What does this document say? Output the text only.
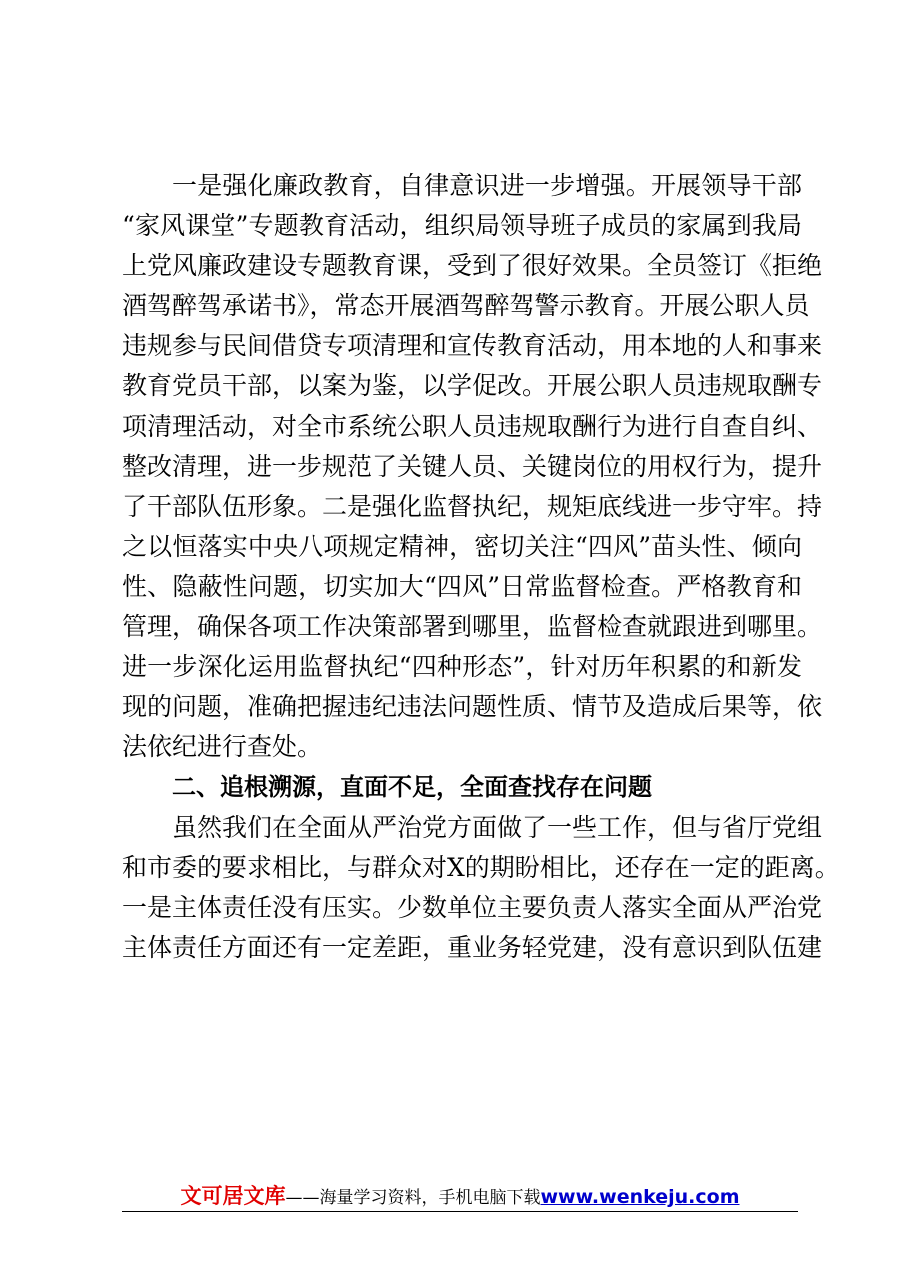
一是强化廉政教育，自律意识进一步增强。开展领导干部
“家风课堂”专题教育活动，组织局领导班子成员的家属到我局
上党风廉政建设专题教育课，受到了很好效果。全员签订《拒绝
酒驾醉驾承诺书》，常态开展酒驾醉驾警示教育。开展公职人员
违规参与民间借贷专项清理和宣传教育活动，用本地的人和事来
教育党员干部，以案为鉴，以学促改。开展公职人员违规取酬专
项清理活动，对全市系统公职人员违规取酬行为进行自查自纠、
整改清理，进一步规范了关键人员、关键岗位的用权行为，提升
了干部队伍形象。二是强化监督执纪，规矩底线进一步守牢。持
之以恒落实中央八项规定精神，密切关注“四风”苗头性、倾向
性、隐蔽性问题，切实加大“四风”日常监督检查。严格教育和
管理，确保各项工作决策部署到哪里，监督检查就跟进到哪里。
进一步深化运用监督执纪“四种形态”，针对历年积累的和新发
现的问题，准确把握违纪违法问题性质、情节及造成后果等，依
法依纪进行查处。
二、追根溯源，直面不足，全面查找存在问题
虽然我们在全面从严治党方面做了一些工作，但与省厅党组
和市委的要求相比，与群众对X的期盼相比，还存在一定的距离。
一是主体责任没有压实。少数单位主要负责人落实全面从严治党
主体责任方面还有一定差距，重业务轻党建，没有意识到队伍建
文可居文库——海量学习资料，手机电脑下载www.wenkeju.com
